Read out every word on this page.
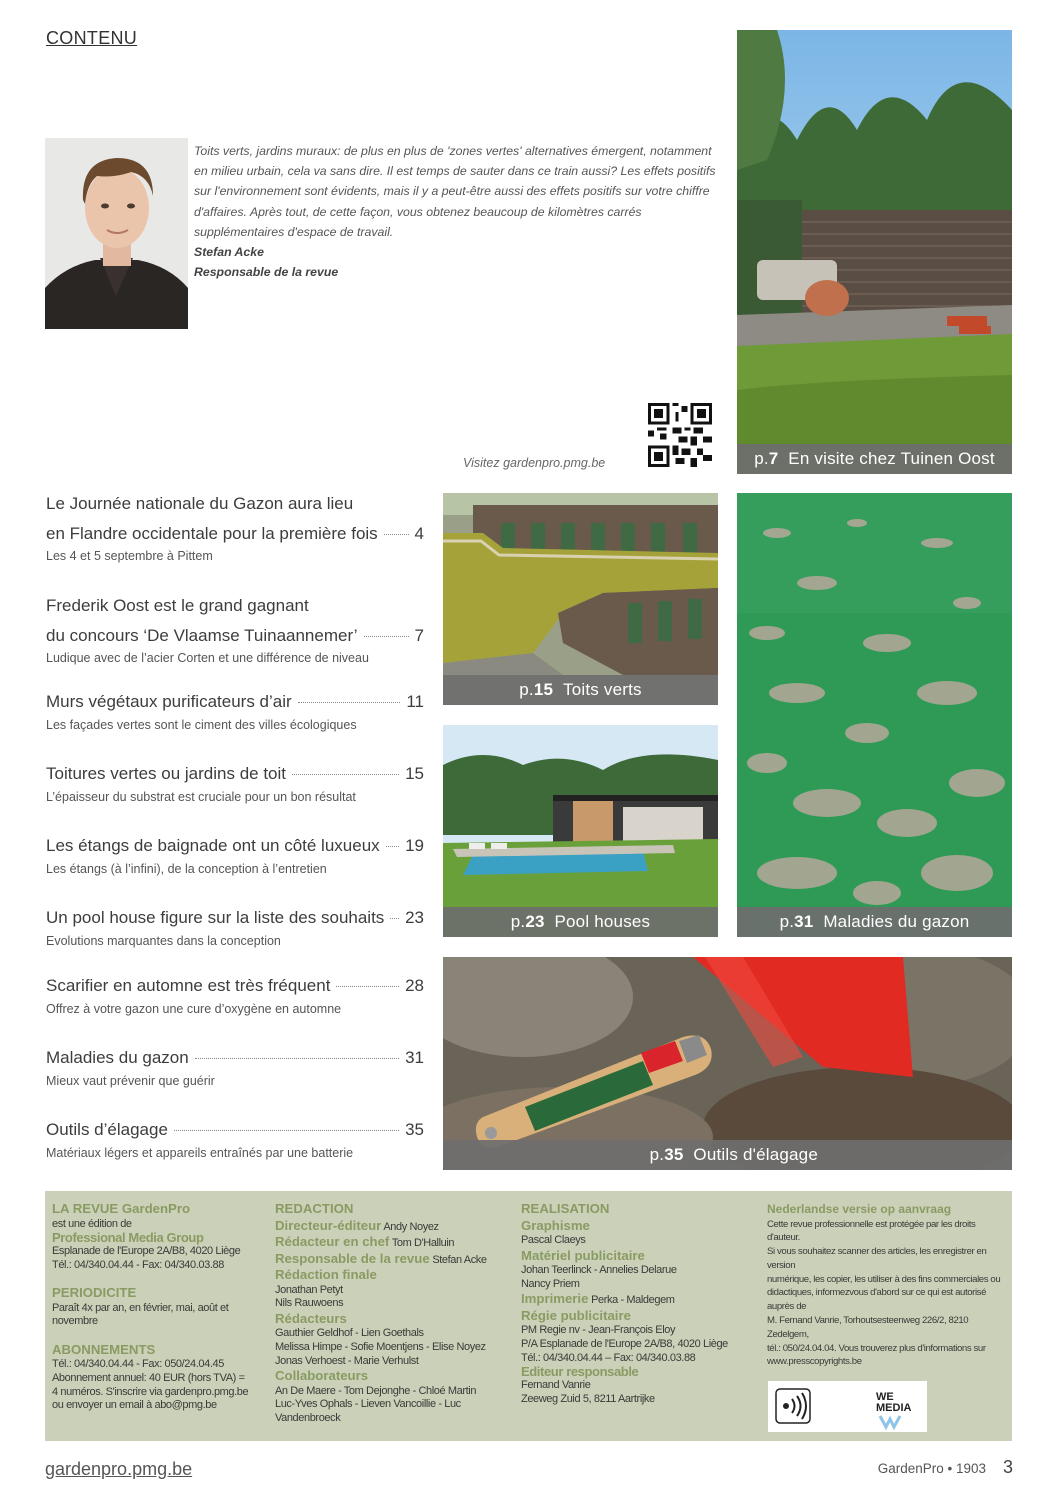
CONTENU
Toits verts, jardins muraux: de plus en plus de 'zones vertes' alternatives émergent, notamment en milieu urbain, cela va sans dire. Il est temps de sauter dans ce train aussi? Les effets positifs sur l'environnement sont évidents, mais il y a peut-être aussi des effets positifs sur votre chiffre d'affaires. Après tout, de cette façon, vous obtenez beaucoup de kilomètres carrés supplémentaires d'espace de travail.
Stefan Acke
Responsable de la revue
Visitez gardenpro.pmg.be	p.7 En visite chez Tuinen Oost
Le Journée nationale du Gazon aura lieu
en Flandre occidentale pour la première fois 4
Les 4 et 5 septembre à Pittem
Frederik Oost est le grand gagnant
du concours ‘De Vlaamse Tuinaannemer’	7
Ludique avec de l’acier Corten et une différence de niveau
Murs végétaux purificateurs d’air	11
Les façades vertes sont le ciment des villes écologiques
Toitures vertes ou jardins de toit	15
L’épaisseur du substrat est cruciale pour un bon résultat
Les étangs de baignade ont un côté luxueux 19
Les étangs (à l’infini), de la conception à l’entretien
Un pool house figure sur la liste des souhaits 23
Evolutions marquantes dans la conception
Scarifier en automne est très fréquent	28
Offrez à votre gazon une cure d’oxygène en automne
Maladies du gazon	31
Mieux vaut prévenir que guérir
Outils d’élagage	35
Matériaux légers et appareils entraînés par une batterie
p.15 Toits verts
p.31 Maladies du gazon
p.23 Pool houses
p.35 Outils d'élagage
LA REVUE GardenPro
est une édition de
Professional Media Group
Esplanade de l'Europe 2A/B8, 4020 Liège
Tél.: 04/340.04.44 - Fax: 04/340.03.88
PERIODICITE
Paraît 4x par an, en février, mai, août et novembre
ABONNEMENTS
Tél.: 04/340.04.44 - Fax: 050/24.04.45
Abonnement annuel: 40 EUR (hors TVA) =
4 numéros. S'inscrire via gardenpro.pmg.be
ou envoyer un email à abo@pmg.be
REDACTION
Directeur-éditeur Andy Noyez
Rédacteur en chef Tom D'Halluin
Responsable de la revue Stefan Acke
Rédaction finale
Jonathan Petyt
Nils Rauwoens
Rédacteurs
Gauthier Geldhof - Lien Goethals
Melissa Himpe - Sofie Moentjens - Elise Noyez
Jonas Verhoest - Marie Verhulst
Collaborateurs
An De Maere - Tom Dejonghe - Chloé Martin
Luc-Yves Ophals - Lieven Vancoillie - Luc Vandenbroeck
REALISATION
Graphisme
Pascal Claeys
Matériel publicitaire
Johan Teerlinck - Annelies Delarue
Nancy Priem
Imprimerie Perka - Maldegem
Régie publicitaire
PM Regie nv - Jean-François Eloy
P/A Esplanade de l'Europe 2A/B8, 4020 Liège
Tél.: 04/340.04.44 – Fax: 04/340.03.88
Editeur responsable
Fernand Vanrie
Zeeweg Zuid 5, 8211 Aartrijke
Nederlandse versie op aanvraag
Cette revue professionnelle est protégée par les droits d'auteur.
Si vous souhaitez scanner des articles, les enregistrer en version
numérique, les copier, les utiliser à des fins commerciales ou
didactiques, informezvous d'abord sur ce qui est autorisé auprès de
M. Fernand Vanrie, Torhoutsesteenweg 226/2, 8210 Zedelgem,
tél.: 050/24.04.04. Vous trouverez plus d'informations sur
www.presscopyrights.be
WE
MEDIA
gardenpro.pmg.be	GardenPro • 1903 3
